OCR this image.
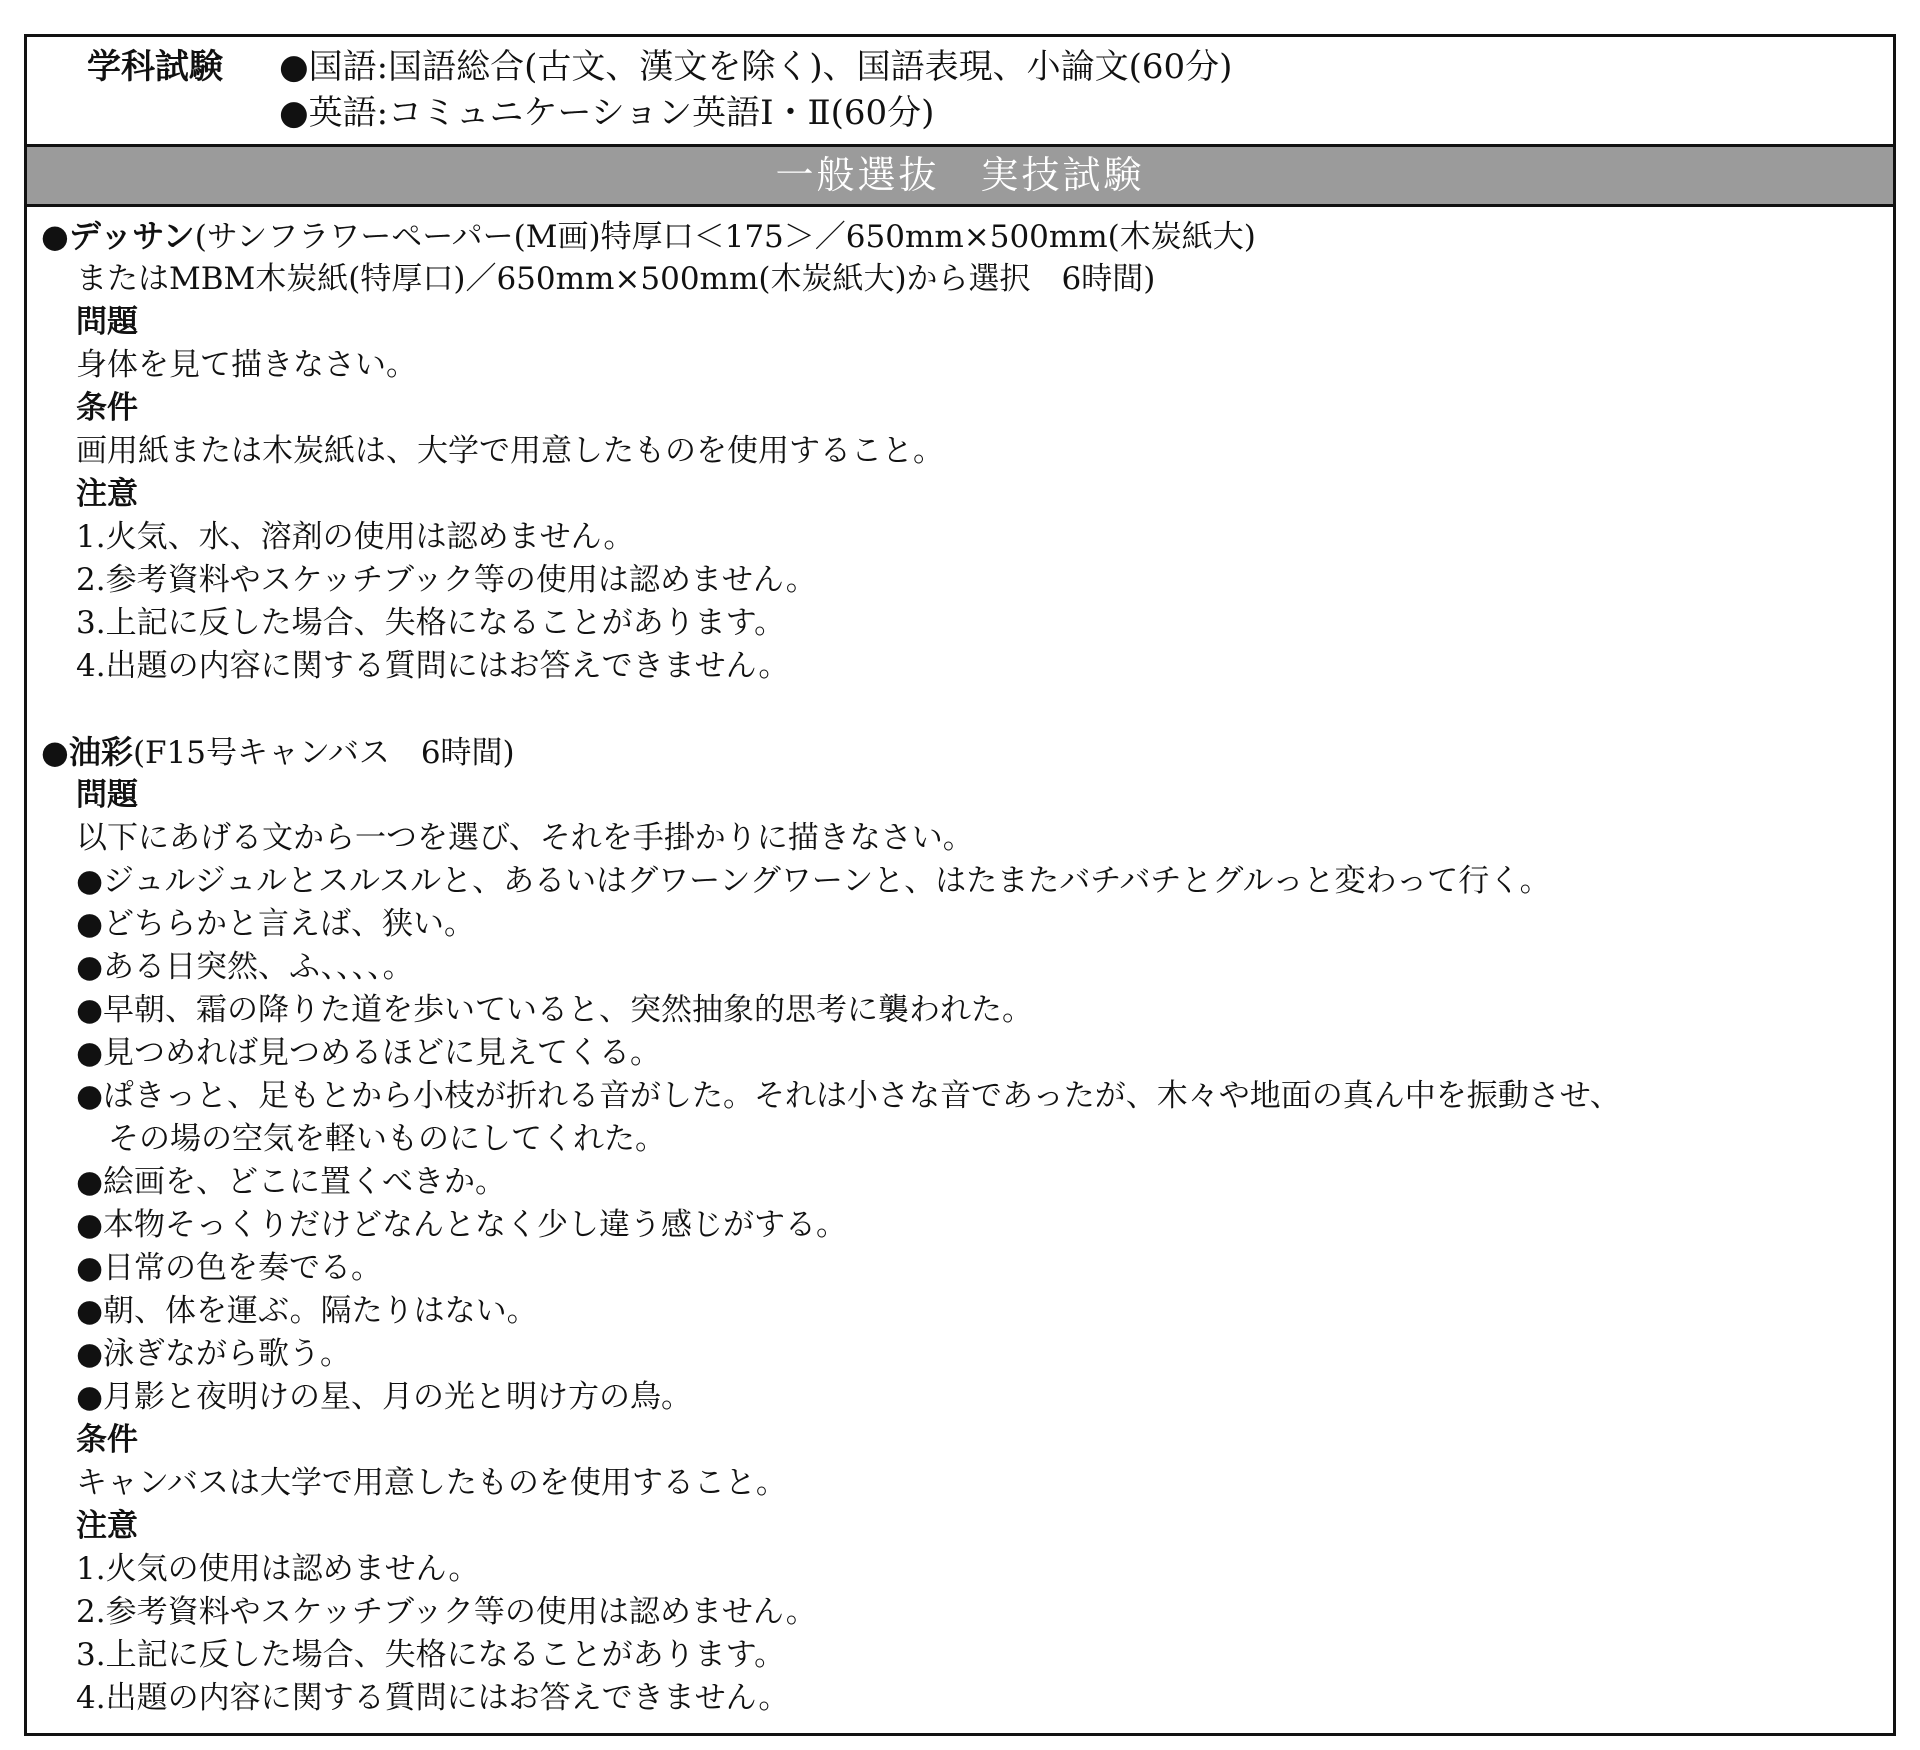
学科試験 ●国語:国語総合(古文、漢文を除く)、国語表現、小論文(60分)
●英語:コミュニケーション英語Ⅰ・Ⅱ(60分)
一般選抜　実技試験
●デッサン(サンフラワーペーパー(M画)特厚口＜175＞／650mm×500mm(木炭紙大)
またはMBM木炭紙(特厚口)／650mm×500mm(木炭紙大)から選択　6時間)
問題
身体を見て描きなさい。
条件
画用紙または木炭紙は、大学で用意したものを使用すること。
注意
1.火気、水、溶剤の使用は認めません。
2.参考資料やスケッチブック等の使用は認めません。
3.上記に反した場合、失格になることがあります。
4.出題の内容に関する質問にはお答えできません。
●油彩(F15号キャンバス　6時間)
問題
以下にあげる文から一つを選び、それを手掛かりに描きなさい。
●ジュルジュルとスルスルと、あるいはグワーングワーンと、はたまたバチバチとグルっと変わって行く。
●どちらかと言えば、狭い。
●ある日突然、ふ、、、、。
●早朝、霜の降りた道を歩いていると、突然抽象的思考に襲われた。
●見つめれば見つめるほどに見えてくる。
●ぱきっと、足もとから小枝が折れる音がした。それは小さな音であったが、木々や地面の真ん中を振動させ、
その場の空気を軽いものにしてくれた。
●絵画を、どこに置くべきか。
●本物そっくりだけどなんとなく少し違う感じがする。
●日常の色を奏でる。
●朝、体を運ぶ。隔たりはない。
●泳ぎながら歌う。
●月影と夜明けの星、月の光と明け方の鳥。
条件
キャンバスは大学で用意したものを使用すること。
注意
1.火気の使用は認めません。
2.参考資料やスケッチブック等の使用は認めません。
3.上記に反した場合、失格になることがあります。
4.出題の内容に関する質問にはお答えできません。
